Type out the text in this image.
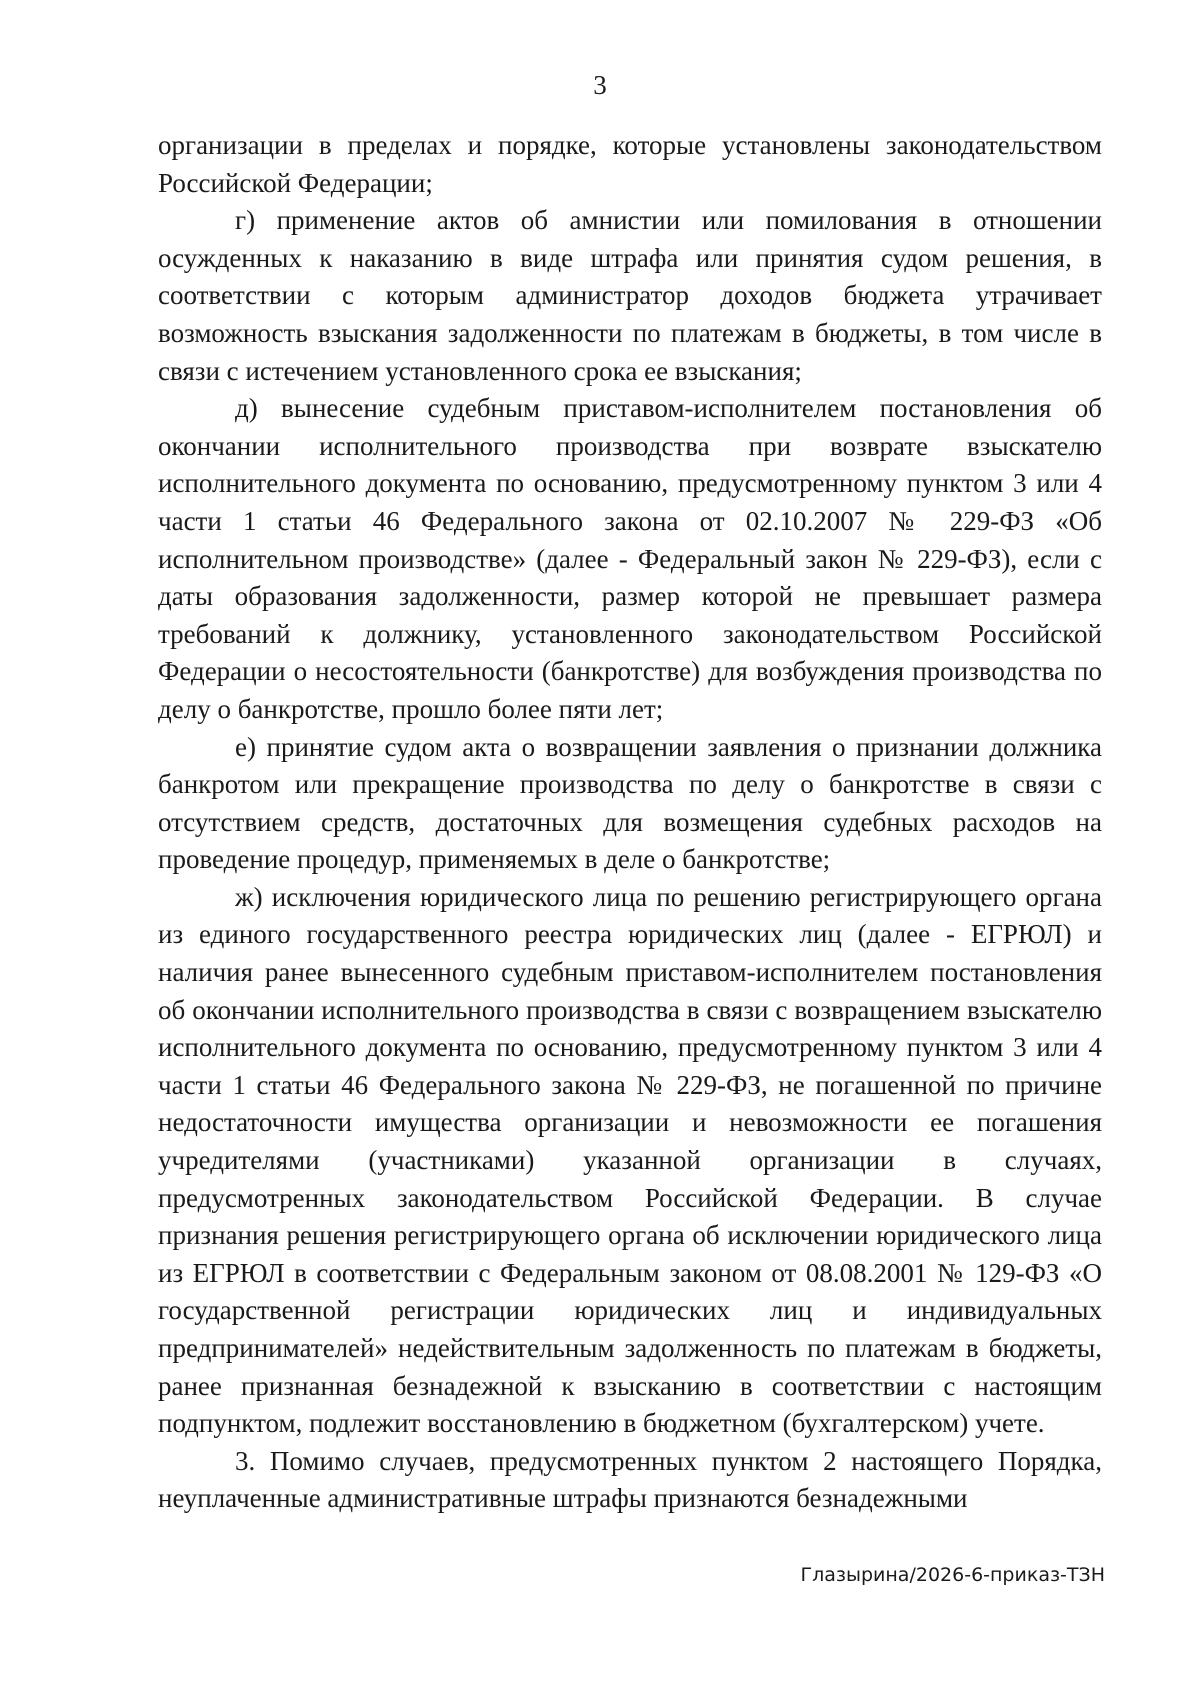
3

организации в пределах и порядке, которые установлены законодательством Российской Федерации;

г) применение актов об амнистии или помилования в отношении осужденных к наказанию в виде штрафа или принятия судом решения, в соответствии с которым администратор доходов бюджета утрачивает возможность взыскания задолженности по платежам в бюджеты, в том числе в связи с истечением установленного срока ее взыскания;

д) вынесение судебным приставом-исполнителем постановления об окончании исполнительного производства при возврате взыскателю исполнительного документа по основанию, предусмотренному пунктом 3 или 4 части 1 статьи 46 Федерального закона от 02.10.2007 № 229-ФЗ «Об исполнительном производстве» (далее - Федеральный закон № 229-ФЗ), если с даты образования задолженности, размер которой не превышает размера требований к должнику, установленного законодательством Российской Федерации о несостоятельности (банкротстве) для возбуждения производства по делу о банкротстве, прошло более пяти лет;

е) принятие судом акта о возвращении заявления о признании должника банкротом или прекращение производства по делу о банкротстве в связи с отсутствием средств, достаточных для возмещения судебных расходов на проведение процедур, применяемых в деле о банкротстве;

ж) исключения юридического лица по решению регистрирующего органа из единого государственного реестра юридических лиц (далее - ЕГРЮЛ) и наличия ранее вынесенного судебным приставом-исполнителем постановления об окончании исполнительного производства в связи с возвращением взыскателю исполнительного документа по основанию, предусмотренному пунктом 3 или 4 части 1 статьи 46 Федерального закона № 229-ФЗ, не погашенной по причине недостаточности имущества организации и невозможности ее погашения учредителями (участниками) указанной организации в случаях, предусмотренных законодательством Российской Федерации. В случае признания решения регистрирующего органа об исключении юридического лица из ЕГРЮЛ в соответствии с Федеральным законом от 08.08.2001 № 129-ФЗ «О государственной регистрации юридических лиц и индивидуальных предпринимателей» недействительным задолженность по платежам в бюджеты, ранее признанная безнадежной к взысканию в соответствии с настоящим подпунктом, подлежит восстановлению в бюджетном (бухгалтерском) учете.

3. Помимо случаев, предусмотренных пунктом 2 настоящего Порядка, неуплаченные административные штрафы признаются безнадежными

Глазырина/2026-6-приказ-ТЗН
